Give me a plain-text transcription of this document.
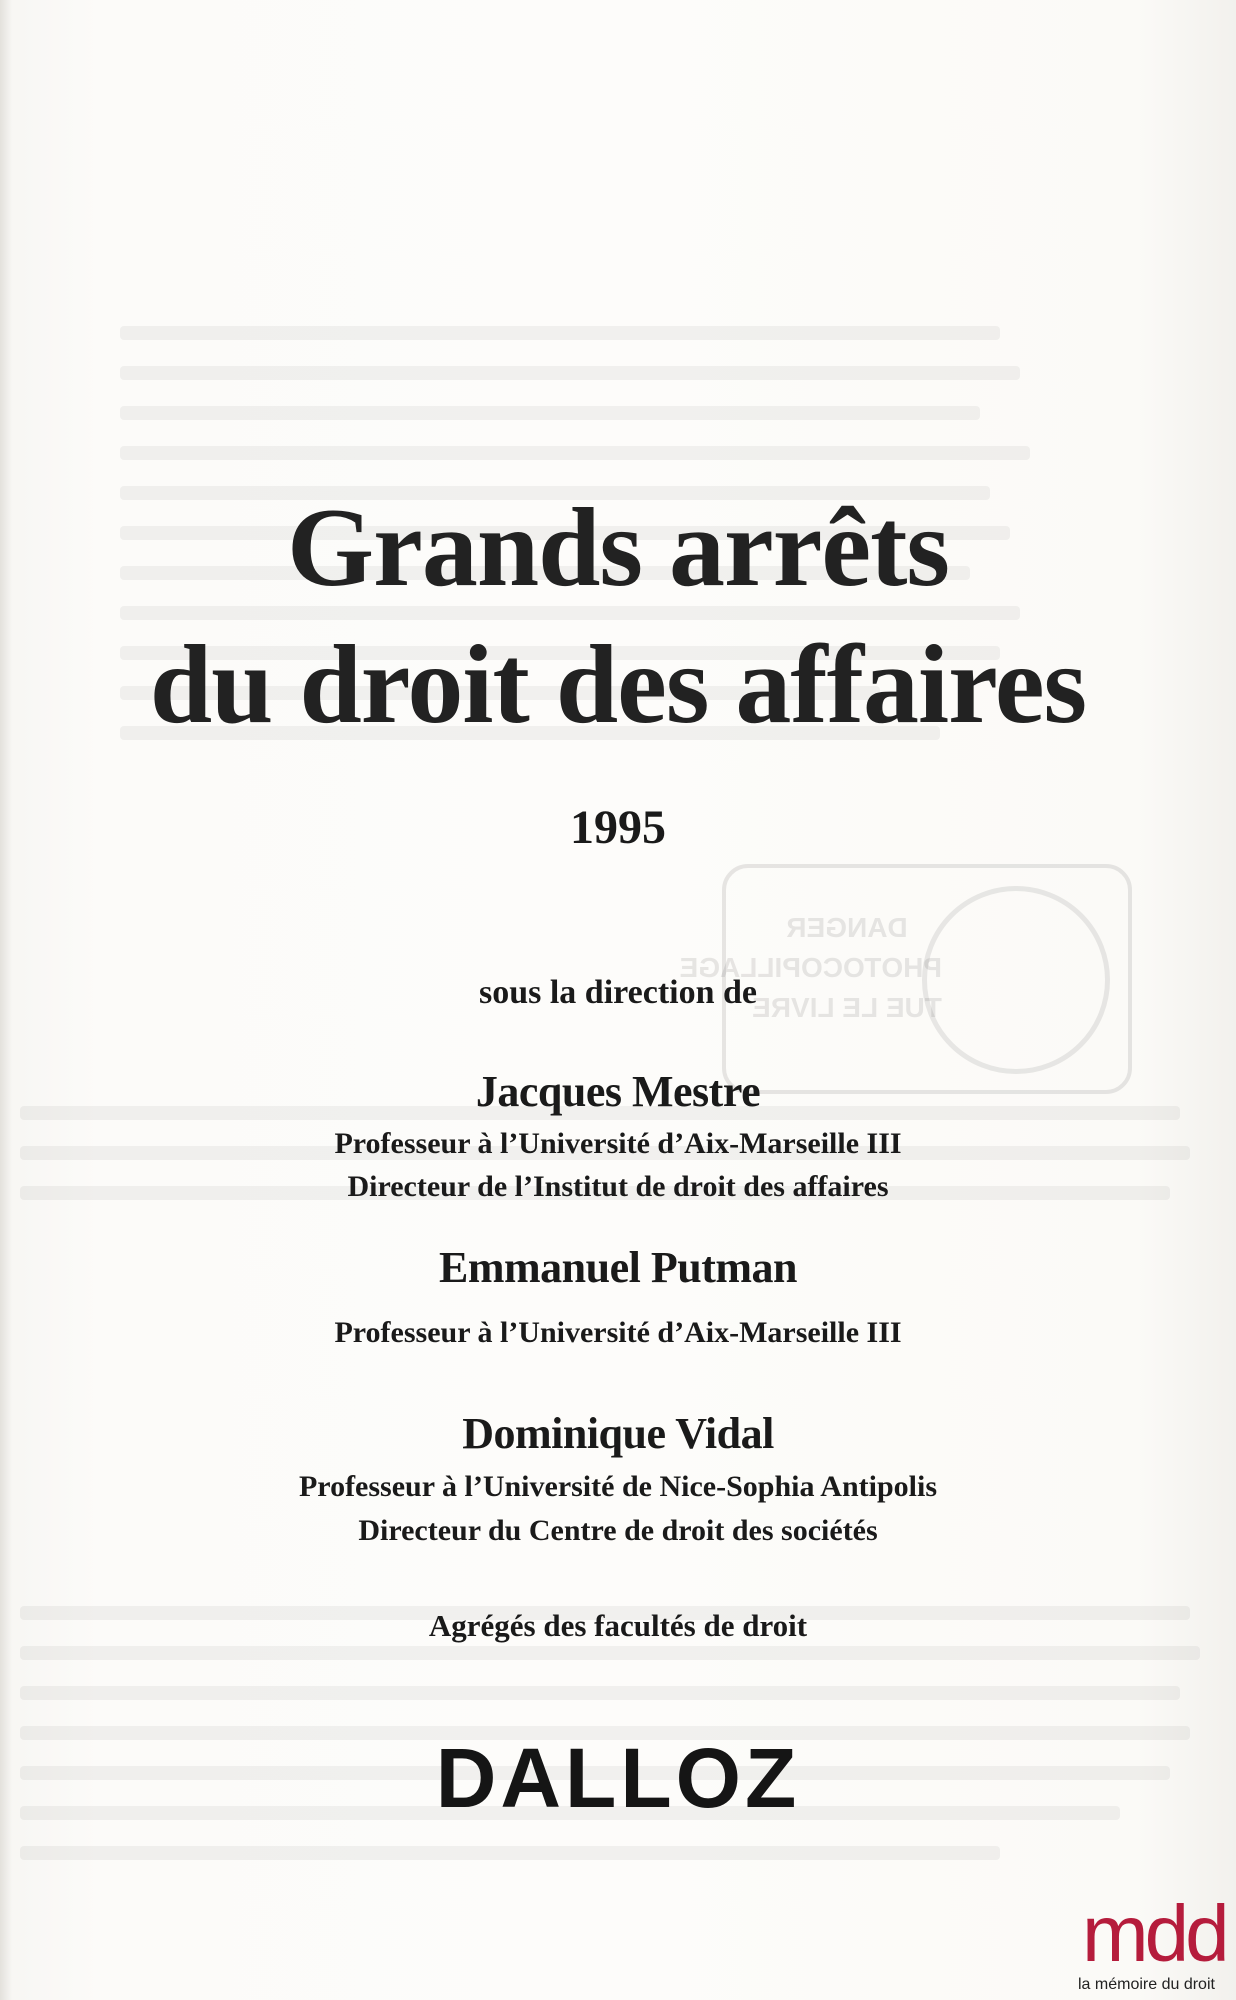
DANGER
PHOTOCOPILLAGE
TUE LE LIVRE
Grands arrêts
du droit des affaires
1995
sous la direction de
Jacques Mestre
Professeur à l’Université d’Aix-Marseille III
Directeur de l’Institut de droit des affaires
Emmanuel Putman
Professeur à l’Université d’Aix-Marseille III
Dominique Vidal
Professeur à l’Université de Nice-Sophia Antipolis
Directeur du Centre de droit des sociétés
Agrégés des facultés de droit
DALLOZ
mdd
la mémoire du droit
